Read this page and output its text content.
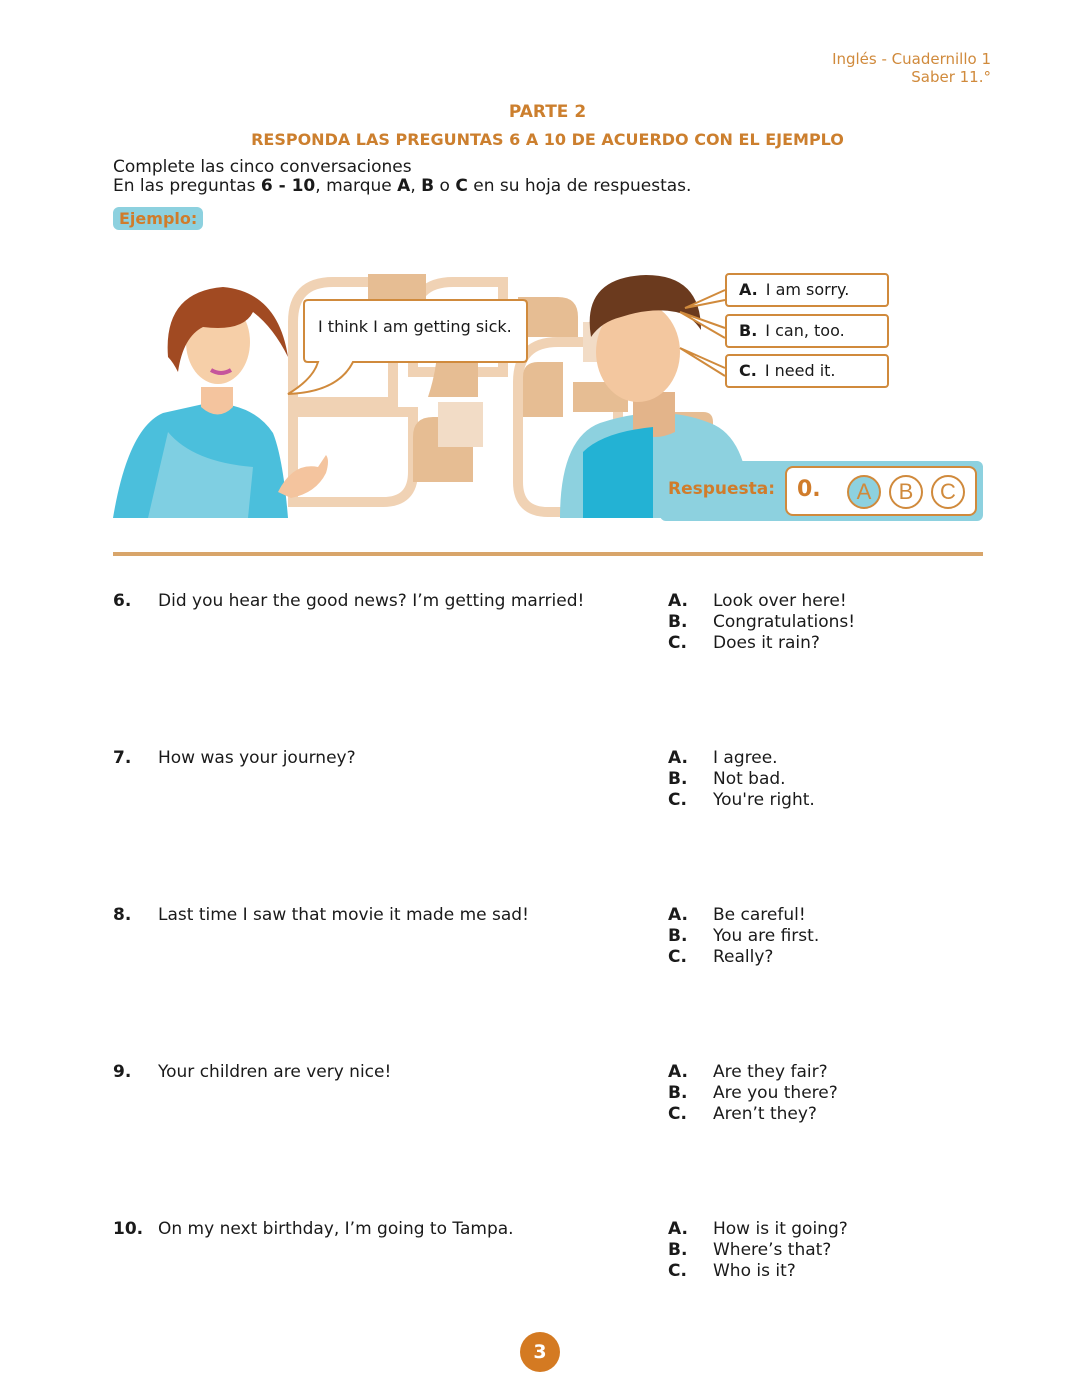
Inglés - Cuadernillo 1
Saber 11.°
PARTE 2
RESPONDA LAS PREGUNTAS 6 A 10 DE ACUERDO CON EL EJEMPLO
Complete las cinco conversaciones
En las preguntas 6 - 10, marque A, B o C en su hoja de respuestas.
Ejemplo:
I think I am getting sick.
A. I am sorry.
B. I can, too.
C. I need it.
Respuesta: 0.	A	B	C
6. Did you hear the good news? I’m getting married!	A. Look over here!
B. Congratulations!
C. Does it rain?
7. How was your journey?	A. I agree.
B. Not bad.
C. You're right.
8. Last time I saw that movie it made me sad!	A. Be careful!
B. You are first.
C. Really?
9. Your children are very nice!	A. Are they fair?
B. Are you there?
C. Aren’t they?
10. On my next birthday, I’m going to Tampa.	A. How is it going?
B. Where’s that?
C. Who is it?
3
